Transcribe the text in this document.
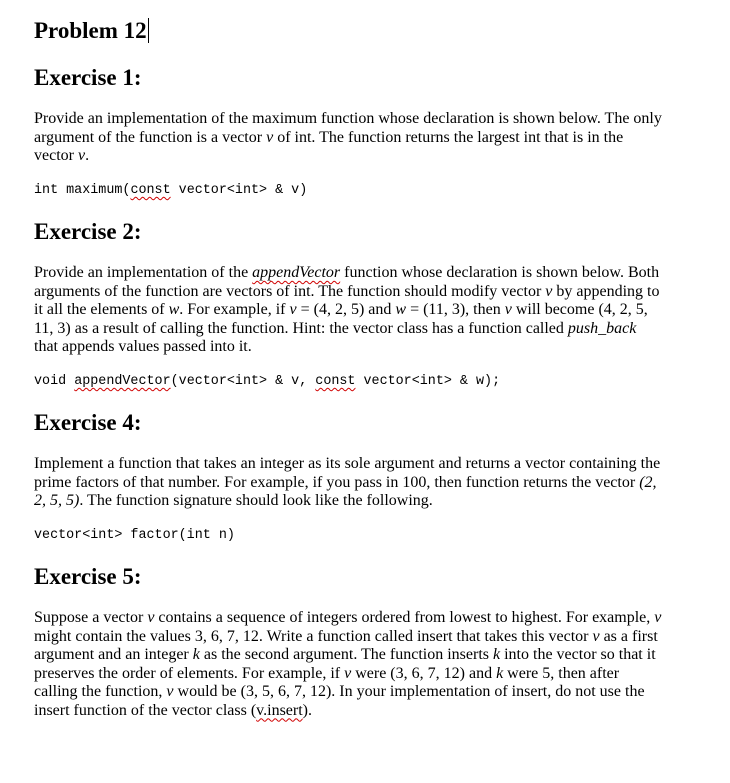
Problem 12
Exercise 1:

Provide an implementation of the maximum function whose declaration is shown below. The only argument of the function is a vector v of int. The function returns the largest int that is in the vector v.

int maximum(const vector<int> & v)
Exercise 2:

Provide an implementation of the appendVector function whose declaration is shown below. Both arguments of the function are vectors of int. The function should modify vector v by appending to it all the elements of w. For example, if v = (4, 2, 5) and w = (11, 3), then v will become (4, 2, 5, 11, 3) as a result of calling the function. Hint: the vector class has a function called push_back that appends values passed into it.

void appendVector(vector<int> & v, const vector<int> & w);
Exercise 4:

Implement a function that takes an integer as its sole argument and returns a vector containing the prime factors of that number. For example, if you pass in 100, then function returns the vector (2, 2, 5, 5). The function signature should look like the following.

vector<int> factor(int n)
Exercise 5:

Suppose a vector v contains a sequence of integers ordered from lowest to highest. For example, v might contain the values 3, 6, 7, 12. Write a function called insert that takes this vector v as a first argument and an integer k as the second argument. The function inserts k into the vector so that it preserves the order of elements. For example, if v were (3, 6, 7, 12) and k were 5, then after calling the function, v would be (3, 5, 6, 7, 12). In your implementation of insert, do not use the insert function of the vector class (v.insert).
